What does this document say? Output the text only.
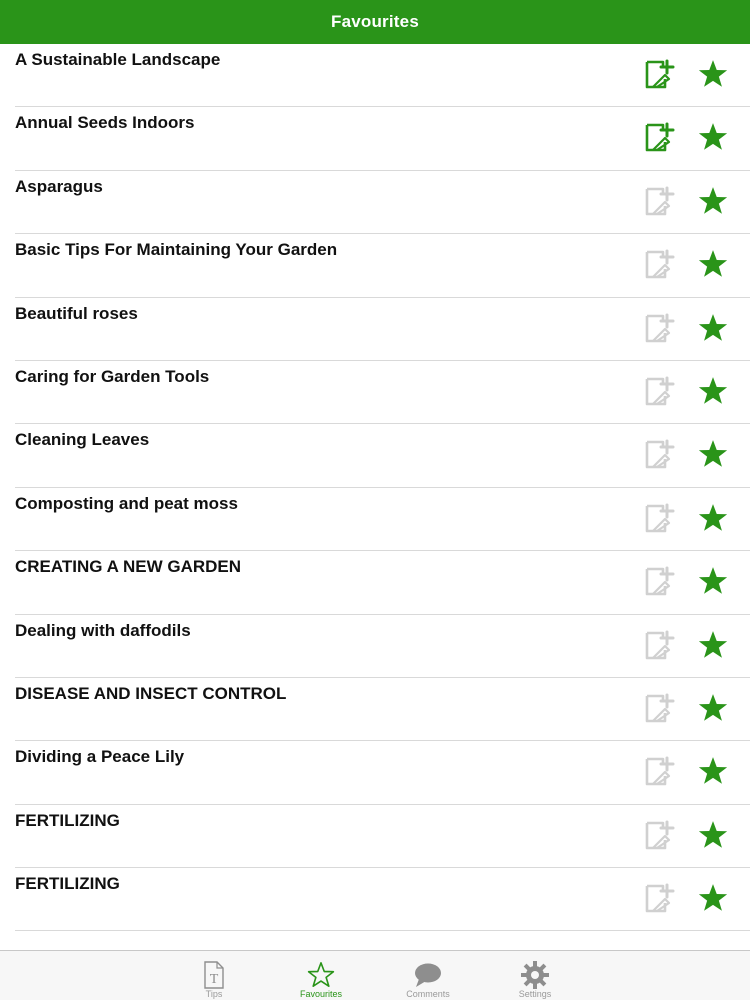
Favourites
A Sustainable Landscape
Annual Seeds Indoors
Asparagus
Basic Tips For Maintaining Your Garden
Beautiful roses
Caring for Garden Tools
Cleaning Leaves
Composting and peat moss
CREATING A NEW GARDEN
Dealing with daffodils
DISEASE AND INSECT CONTROL
Dividing a Peace Lily
FERTILIZING
FERTILIZING
T
Tips	Favourites	Comments	Settings
